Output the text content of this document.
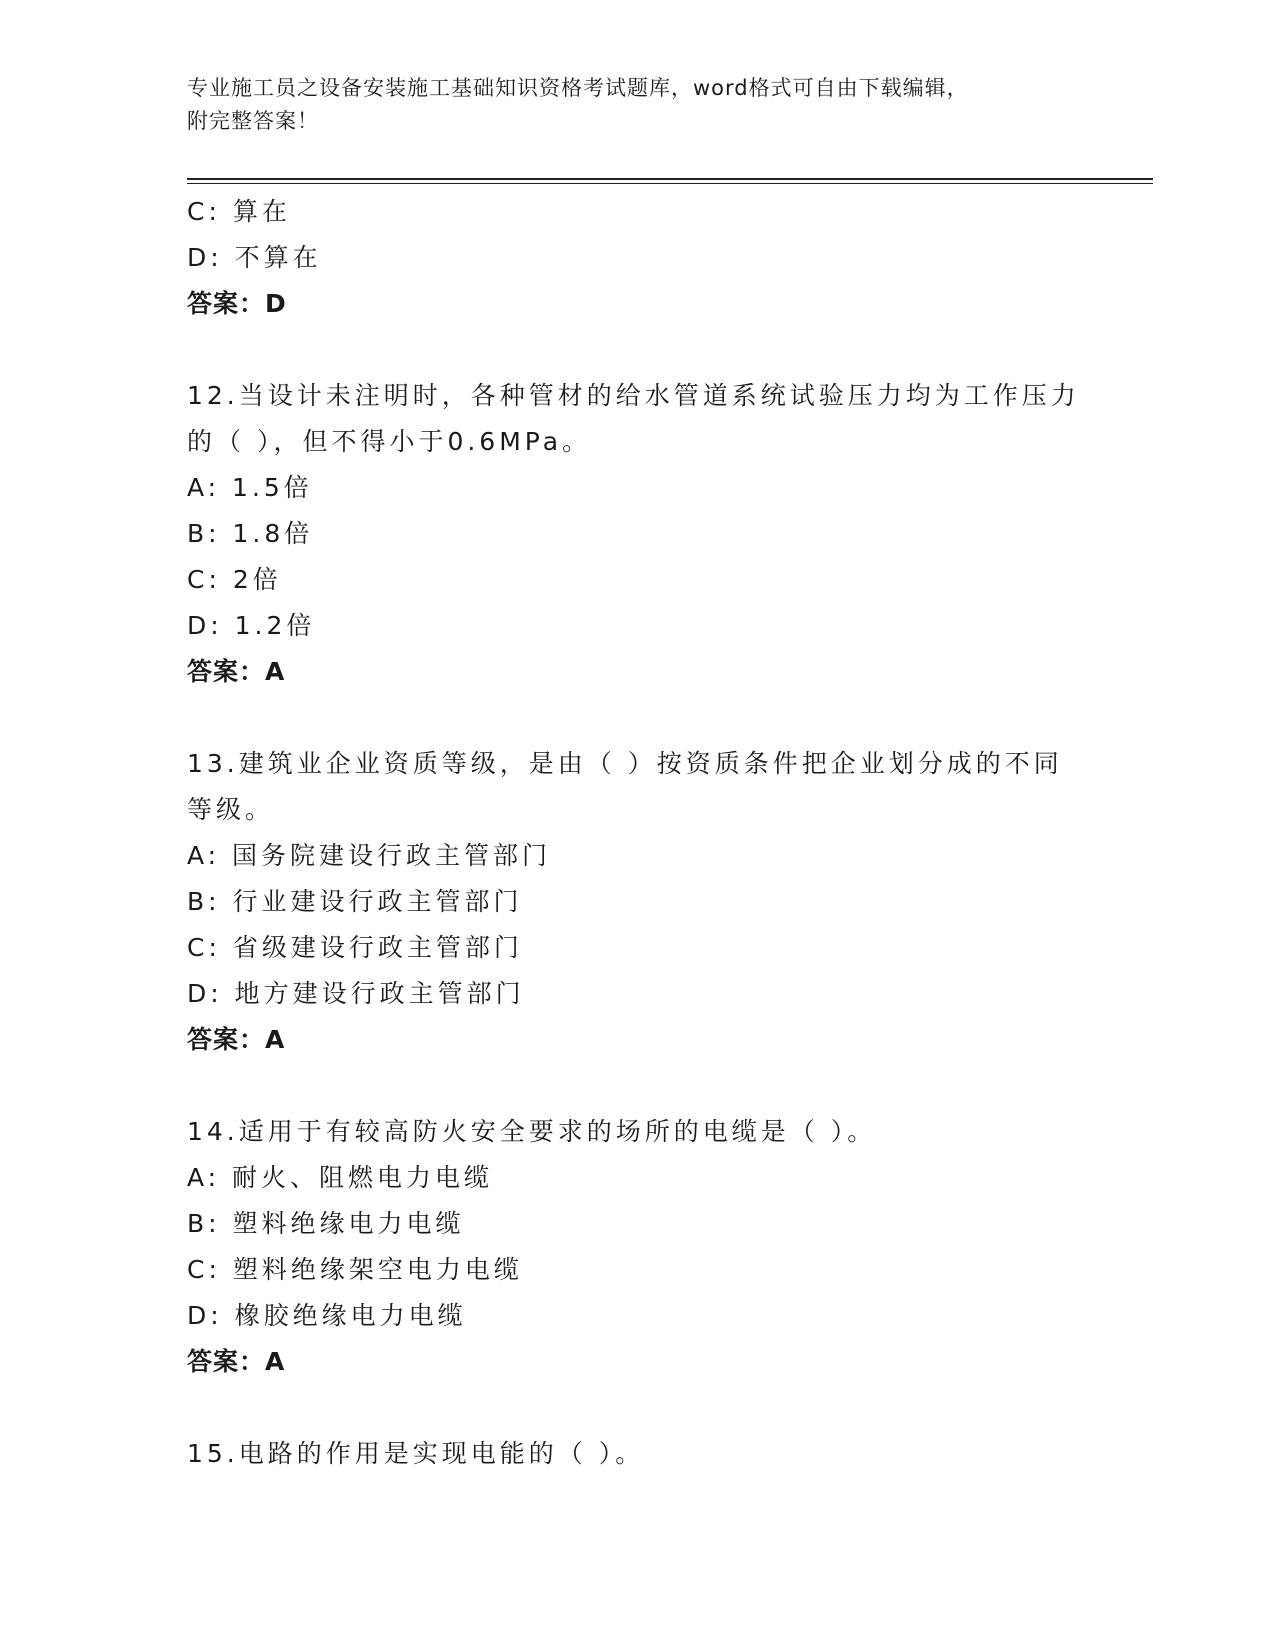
专业施工员之设备安装施工基础知识资格考试题库，word格式可自由下载编辑，
附完整答案！
C: 算在
D: 不算在
答案：D
12.当设计未注明时，各种管材的给水管道系统试验压力均为工作压力
的（ ），但不得小于0.6MPa。
A: 1.5倍
B: 1.8倍
C: 2倍
D: 1.2倍
答案：A
13.建筑业企业资质等级，是由（ ）按资质条件把企业划分成的不同
等级。
A: 国务院建设行政主管部门
B: 行业建设行政主管部门
C: 省级建设行政主管部门
D: 地方建设行政主管部门
答案：A
14.适用于有较高防火安全要求的场所的电缆是（ ）。
A: 耐火、阻燃电力电缆
B: 塑料绝缘电力电缆
C: 塑料绝缘架空电力电缆
D: 橡胶绝缘电力电缆
答案：A
15.电路的作用是实现电能的（ ）。
